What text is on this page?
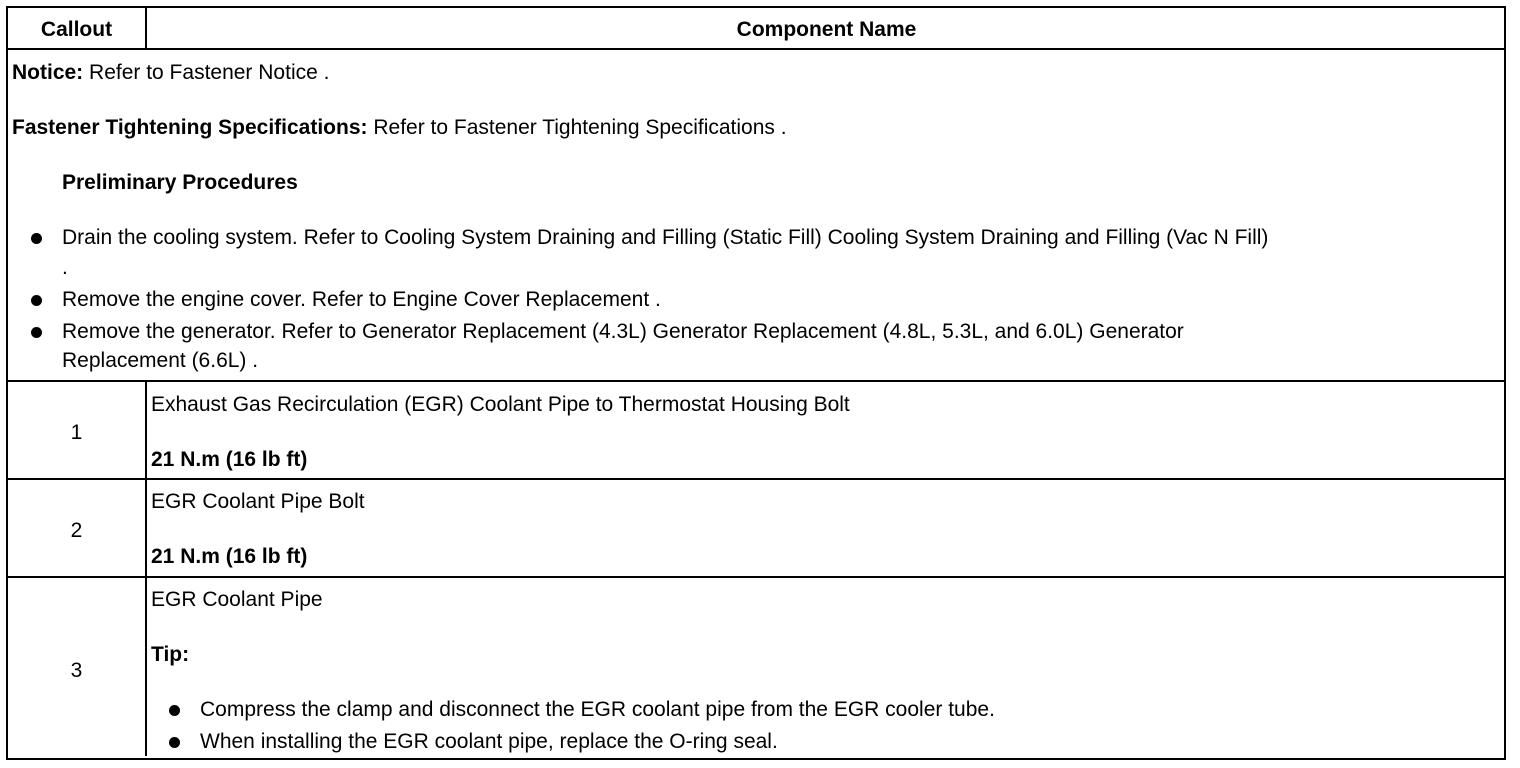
Callout	Component Name
Notice: Refer to Fastener Notice .
Fastener Tightening Specifications: Refer to Fastener Tightening Specifications .
Preliminary Procedures
Drain the cooling system. Refer to Cooling System Draining and Filling (Static Fill) Cooling System Draining and Filling (Vac N Fill)
.
Remove the engine cover. Refer to Engine Cover Replacement .
Remove the generator. Refer to Generator Replacement (4.3L) Generator Replacement (4.8L, 5.3L, and 6.0L) Generator
Replacement (6.6L) .
1
Exhaust Gas Recirculation (EGR) Coolant Pipe to Thermostat Housing Bolt
21 N.m (16 lb ft)
2
EGR Coolant Pipe Bolt
21 N.m (16 lb ft)
3
EGR Coolant Pipe
Tip:
Compress the clamp and disconnect the EGR coolant pipe from the EGR cooler tube.
When installing the EGR coolant pipe, replace the O-ring seal.
